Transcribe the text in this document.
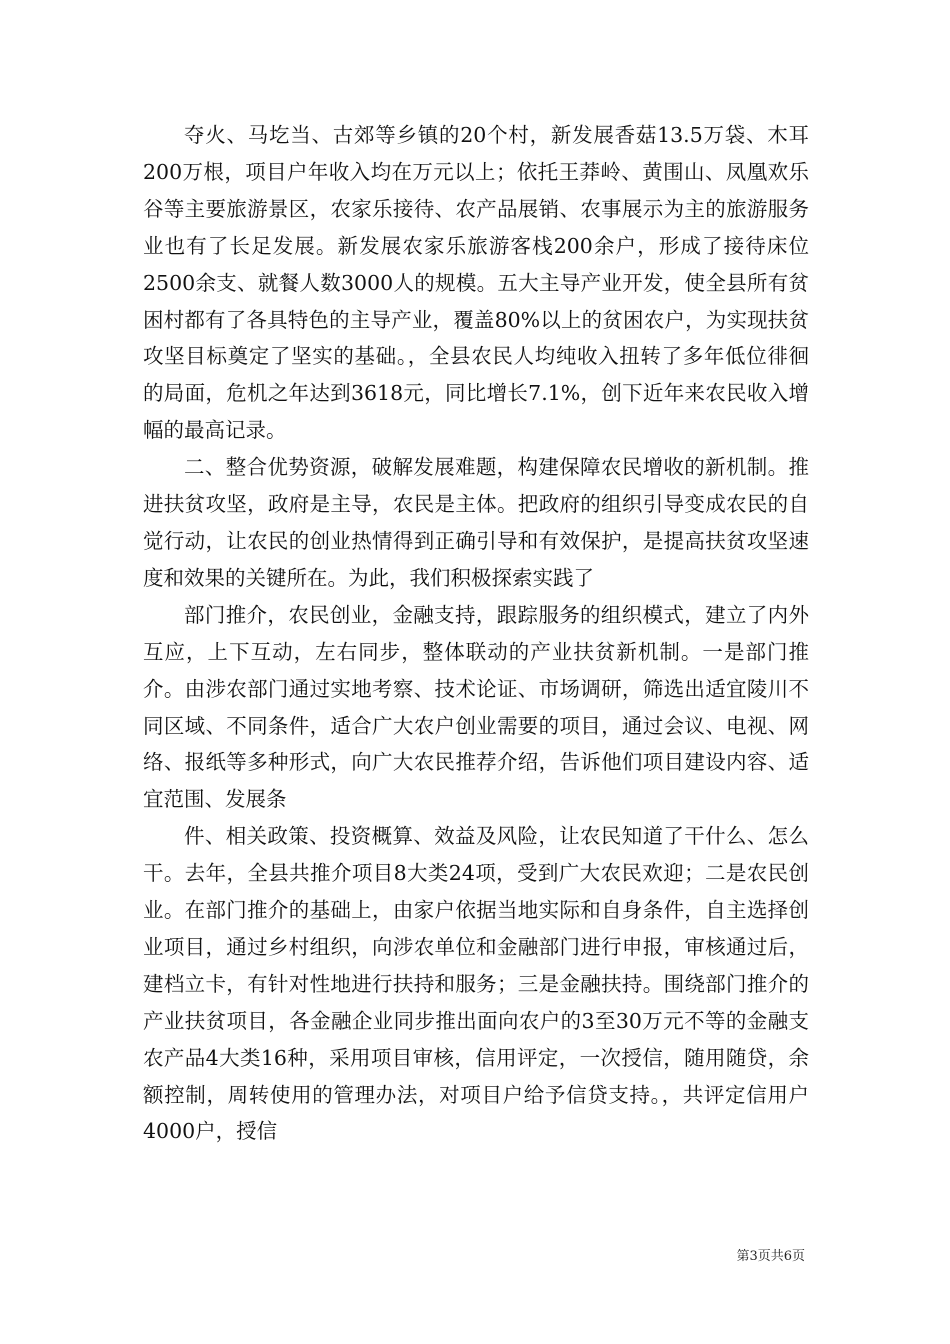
夺火、马圪当、古郊等乡镇的20个村，新发展香菇13.5万袋、木耳200万根，项目户年收入均在万元以上；依托王莽岭、黄围山、凤凰欢乐谷等主要旅游景区，农家乐接待、农产品展销、农事展示为主的旅游服务业也有了长足发展。新发展农家乐旅游客栈200余户，形成了接待床位2500余支、就餐人数3000人的规模。五大主导产业开发，使全县所有贫困村都有了各具特色的主导产业，覆盖80%以上的贫困农户，为实现扶贫攻坚目标奠定了坚实的基础。，全县农民人均纯收入扭转了多年低位徘徊的局面，危机之年达到3618元，同比增长7.1%，创下近年来农民收入增幅的最高记录。

二、整合优势资源，破解发展难题，构建保障农民增收的新机制。推进扶贫攻坚，政府是主导，农民是主体。把政府的组织引导变成农民的自觉行动，让农民的创业热情得到正确引导和有效保护，是提高扶贫攻坚速度和效果的关键所在。为此，我们积极探索实践了

部门推介，农民创业，金融支持，跟踪服务的组织模式，建立了内外互应，上下互动，左右同步，整体联动的产业扶贫新机制。一是部门推介。由涉农部门通过实地考察、技术论证、市场调研，筛选出适宜陵川不同区域、不同条件，适合广大农户创业需要的项目，通过会议、电视、网络、报纸等多种形式，向广大农民推荐介绍，告诉他们项目建设内容、适宜范围、发展条

件、相关政策、投资概算、效益及风险，让农民知道了干什么、怎么干。去年，全县共推介项目8大类24项，受到广大农民欢迎；二是农民创业。在部门推介的基础上，由家户依据当地实际和自身条件，自主选择创业项目，通过乡村组织，向涉农单位和金融部门进行申报，审核通过后，建档立卡，有针对性地进行扶持和服务；三是金融扶持。围绕部门推介的产业扶贫项目，各金融企业同步推出面向农户的3至30万元不等的金融支农产品4大类16种，采用项目审核，信用评定，一次授信，随用随贷，余额控制，周转使用的管理办法，对项目户给予信贷支持。，共评定信用户4000户，授信

第3页共6页
